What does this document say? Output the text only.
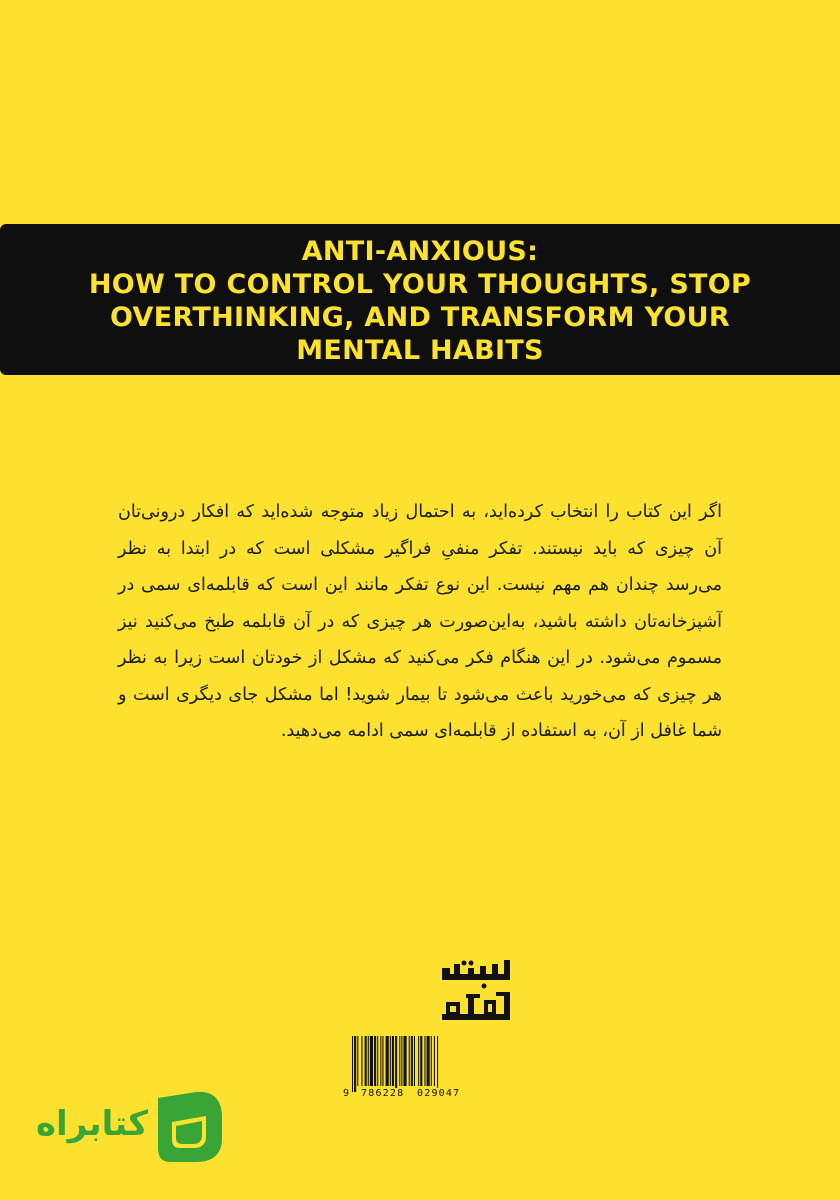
ANTI-ANXIOUS:
HOW TO CONTROL YOUR THOUGHTS, STOP
OVERTHINKING, AND TRANSFORM YOUR
MENTAL HABITS
اگر این کتاب را انتخاب کرده‌اید، به احتمال زیاد متوجه شده‌اید که افکار درونی‌تان آن چیزی که باید نیستند. تفکر منفیِ فراگیر مشکلی است که در ابتدا به نظر می‌رسد چندان هم مهم نیست. این نوع تفکر مانند این است که قابلمه‌ای سمی در آشپزخانه‌تان داشته باشید، به‌این‌صورت هر چیزی که در آن قابلمه طبخ می‌کنید نیز مسموم می‌شود. در این هنگام فکر می‌کنید که مشکل از خودتان است زیرا به نظر هر چیزی که می‌خورید باعث می‌شود تا بیمار شوید! اما مشکل جای دیگری است و شما غافل از آن، به استفاده از قابلمه‌ای سمی ادامه می‌دهید.
9 786228 029047
کتابراه
